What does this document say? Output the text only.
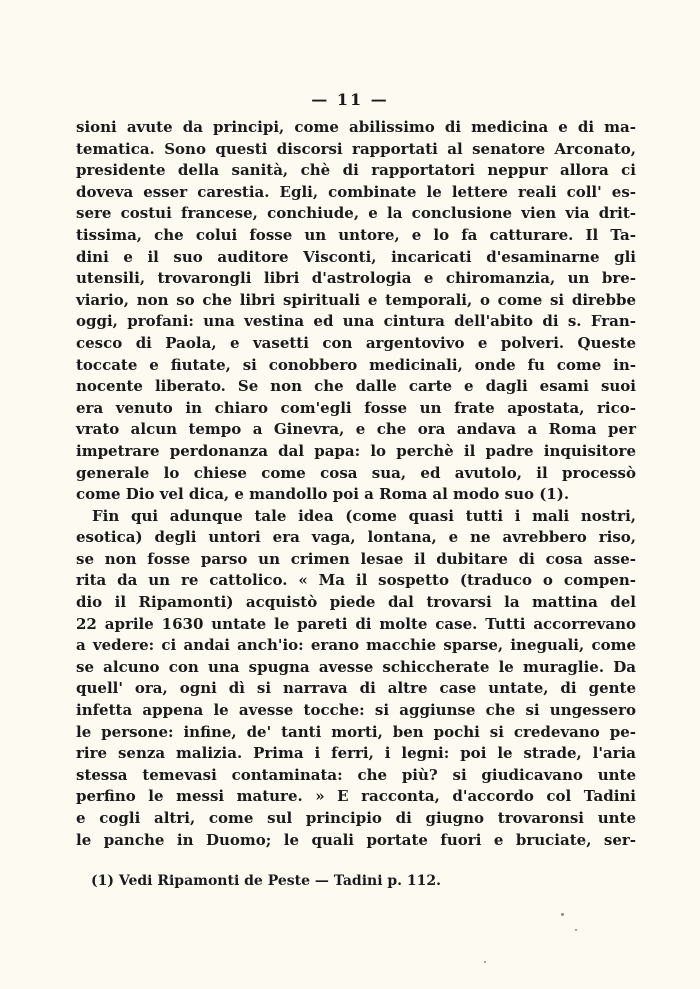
— 11 —
sioni avute da principi, come abilissimo di medicina e di ma-
tematica. Sono questi discorsi rapportati al senatore Arconato,
presidente della sanità, chè di rapportatori neppur allora ci
doveva esser carestia. Egli, combinate le lettere reali coll' es-
sere costui francese, conchiude, e la conclusione vien via drit-
tissima, che colui fosse un untore, e lo fa catturare. Il Ta-
dini e il suo auditore Visconti, incaricati d'esaminarne gli
utensili, trovarongli libri d'astrologia e chiromanzia, un bre-
viario, non so che libri spirituali e temporali, o come si direbbe
oggi, profani: una vestina ed una cintura dell'abito di s. Fran-
cesco di Paola, e vasetti con argentovivo e polveri. Queste
toccate e fiutate, si conobbero medicinali, onde fu come in-
nocente liberato. Se non che dalle carte e dagli esami suoi
era venuto in chiaro com'egli fosse un frate apostata, rico-
vrato alcun tempo a Ginevra, e che ora andava a Roma per
impetrare perdonanza dal papa: lo perchè il padre inquisitore
generale lo chiese come cosa sua, ed avutolo, il processò
come Dio vel dica, e mandollo poi a Roma al modo suo (1).
Fin qui adunque tale idea (come quasi tutti i mali nostri,
esotica) degli untori era vaga, lontana, e ne avrebbero riso,
se non fosse parso un crimen lesae il dubitare di cosa asse-
rita da un re cattolico. « Ma il sospetto (traduco o compen-
dio il Ripamonti) acquistò piede dal trovarsi la mattina del
22 aprile 1630 untate le pareti di molte case. Tutti accorrevano
a vedere: ci andai anch'io: erano macchie sparse, ineguali, come
se alcuno con una spugna avesse schiccherate le muraglie. Da
quell' ora, ogni dì si narrava di altre case untate, di gente
infetta appena le avesse tocche: si aggiunse che si ungessero
le persone: infine, de' tanti morti, ben pochi si credevano pe-
rire senza malizia. Prima i ferri, i legni: poi le strade, l'aria
stessa temevasi contaminata: che più? si giudicavano unte
perfino le messi mature. » E racconta, d'accordo col Tadini
e cogli altri, come sul principio di giugno trovaronsi unte
le panche in Duomo; le quali portate fuori e bruciate, ser-
(1) Vedi Ripamonti de Peste — Tadini p. 112.
